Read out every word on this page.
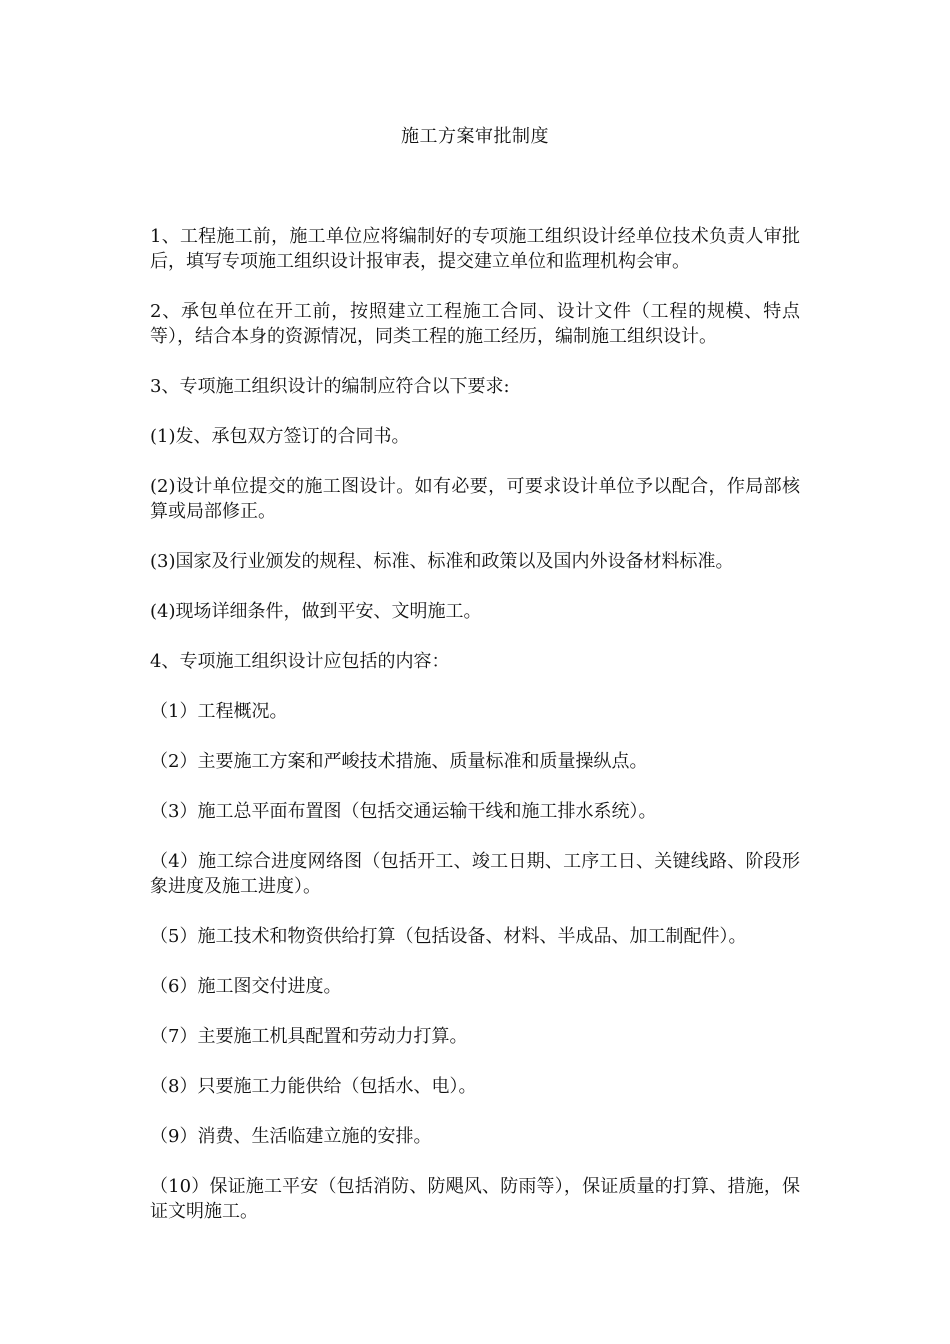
施工方案审批制度

1、工程施工前，施工单位应将编制好的专项施工组织设计经单位技术负责人审批后，填写专项施工组织设计报审表，提交建立单位和监理机构会审。

2、承包单位在开工前，按照建立工程施工合同、设计文件（工程的规模、特点等），结合本身的资源情况，同类工程的施工经历，编制施工组织设计。

3、专项施工组织设计的编制应符合以下要求:

(1)发、承包双方签订的合同书。

(2)设计单位提交的施工图设计。如有必要，可要求设计单位予以配合，作局部核算或局部修正。

(3)国家及行业颁发的规程、标准、标准和政策以及国内外设备材料标准。

(4)现场详细条件，做到平安、文明施工。

4、专项施工组织设计应包括的内容：

（1）工程概况。

（2）主要施工方案和严峻技术措施、质量标准和质量操纵点。

（3）施工总平面布置图（包括交通运输干线和施工排水系统）。

（4）施工综合进度网络图（包括开工、竣工日期、工序工日、关键线路、阶段形象进度及施工进度）。

（5）施工技术和物资供给打算（包括设备、材料、半成品、加工制配件）。

（6）施工图交付进度。

（7）主要施工机具配置和劳动力打算。

（8）只要施工力能供给（包括水、电）。

（9）消费、生活临建立施的安排。

（10）保证施工平安（包括消防、防飓风、防雨等），保证质量的打算、措施，保证文明施工。
